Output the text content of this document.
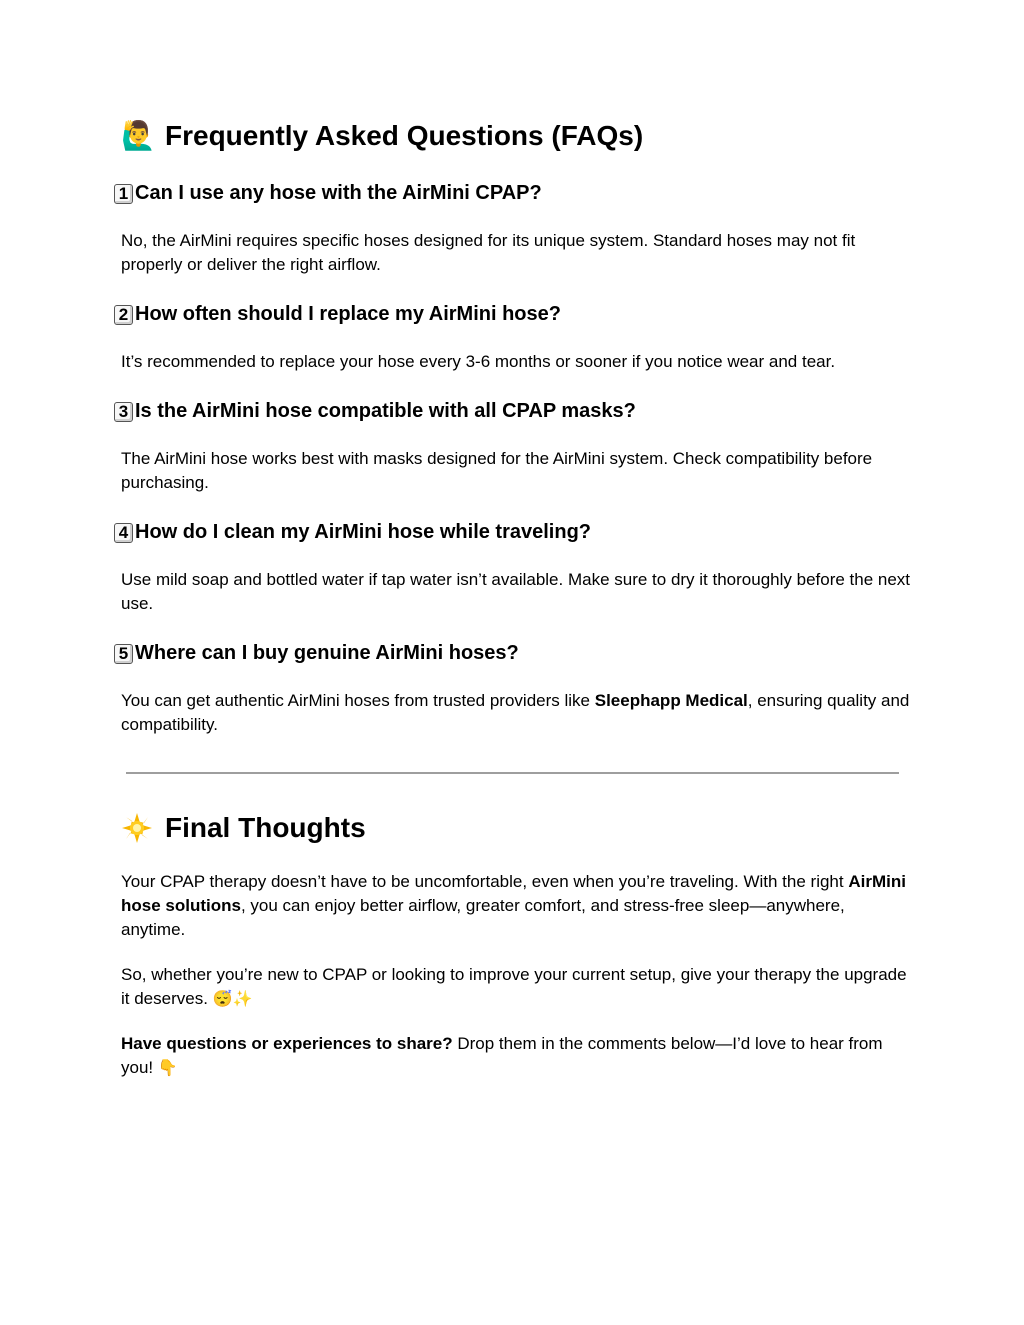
🙋‍♂️ Frequently Asked Questions (FAQs)
1 Can I use any hose with the AirMini CPAP?
No, the AirMini requires specific hoses designed for its unique system. Standard hoses may not fit properly or deliver the right airflow.
2 How often should I replace my AirMini hose?
It’s recommended to replace your hose every 3-6 months or sooner if you notice wear and tear.
3 Is the AirMini hose compatible with all CPAP masks?
The AirMini hose works best with masks designed for the AirMini system. Check compatibility before purchasing.
4 How do I clean my AirMini hose while traveling?
Use mild soap and bottled water if tap water isn’t available. Make sure to dry it thoroughly before the next use.
5 Where can I buy genuine AirMini hoses?
You can get authentic AirMini hoses from trusted providers like Sleephapp Medical, ensuring quality and compatibility.
Final Thoughts
Your CPAP therapy doesn’t have to be uncomfortable, even when you’re traveling. With the right AirMini hose solutions, you can enjoy better airflow, greater comfort, and stress-free sleep—anywhere, anytime.
So, whether you’re new to CPAP or looking to improve your current setup, give your therapy the upgrade it deserves. 😴✨
Have questions or experiences to share? Drop them in the comments below—I’d love to hear from you! 👇
